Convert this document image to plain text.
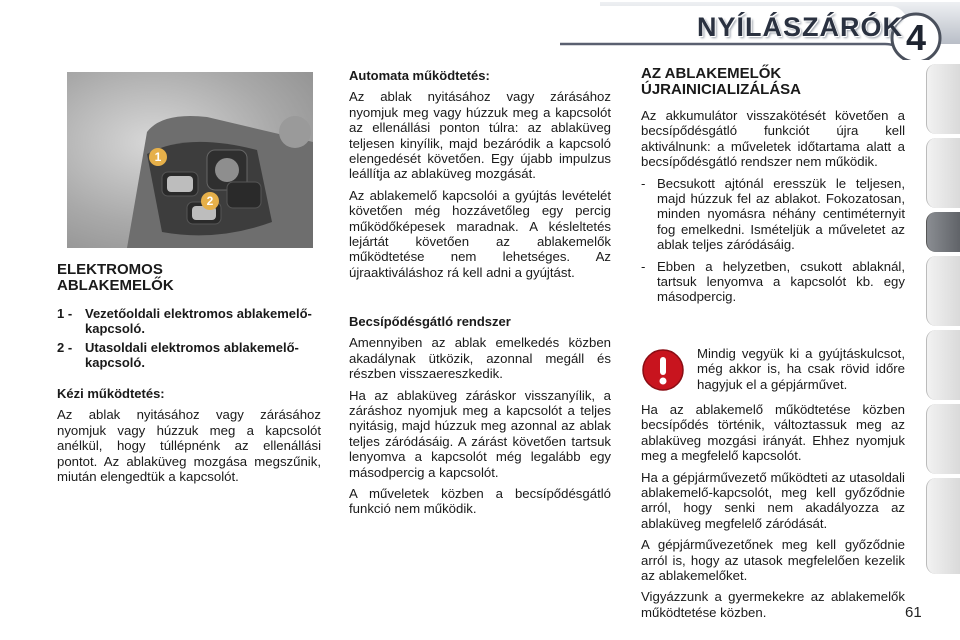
NYÍLÁSZÁRÓK 4
1
2
ELEKTROMOS
ABLAKEMELŐK
1 - Vezetőoldali elektromos ablakemelő-kapcsoló.
2 - Utasoldali elektromos ablakemelő-kapcsoló.
Kézi működtetés:

Az ablak nyitásához vagy zárásához nyomjuk vagy húzzuk meg a kapcsolót anélkül, hogy túllépnénk az ellenállási pontot. Az ablaküveg mozgása megszűnik, miután elengedtük a kapcsolót.

Automata működtetés:

Az ablak nyitásához vagy zárásához nyomjuk meg vagy húzzuk meg a kapcsolót az ellenállási ponton túlra: az ablaküveg teljesen kinyílik, majd bezáródik a kapcsoló elengedését követően. Egy újabb impulzus leállítja az ablaküveg mozgását.

Az ablakemelő kapcsolói a gyújtás levételét követően még hozzávetőleg egy percig működőképesek maradnak. A késleltetés lejártát követően az ablakemelők működtetése nem lehetséges. Az újraaktiváláshoz rá kell adni a gyújtást.

Becsípődésgátló rendszer

Amennyiben az ablak emelkedés közben akadálynak ütközik, azonnal megáll és részben visszaereszkedik.

Ha az ablaküveg záráskor visszanyílik, a záráshoz nyomjuk meg a kapcsolót a teljes nyitásig, majd húzzuk meg azonnal az ablak teljes záródásáig. A zárást követően tartsuk lenyomva a kapcsolót még legalább egy másodpercig a kapcsolót.

A műveletek közben a becsípődésgátló funkció nem működik.

AZ ABLAKEMELŐK
ÚJRAINICIALIZÁLÁSA

Az akkumulátor visszakötését követően a becsípődésgátló funkciót újra kell aktiválnunk: a műveletek időtartama alatt a becsípődésgátló rendszer nem működik.

- Becsukott ajtónál eresszük le teljesen, majd húzzuk fel az ablakot. Fokozatosan, minden nyomásra néhány centiméternyit fog emelkedni. Ismételjük a műveletet az ablak teljes záródásáig.
- Ebben a helyzetben, csukott ablaknál, tartsuk lenyomva a kapcsolót kb. egy másodpercig.

Mindig vegyük ki a gyújtáskulcsot, még akkor is, ha csak rövid időre hagyjuk el a gépjárművet.

Ha az ablakemelő működtetése közben becsípődés történik, változtassuk meg az ablaküveg mozgási irányát. Ehhez nyomjuk meg a megfelelő kapcsolót.

Ha a gépjárművezető működteti az utasoldali ablakemelő-kapcsolót, meg kell győződnie arról, hogy senki nem akadályozza az ablaküveg megfelelő záródását.

A gépjárművezetőnek meg kell győződnie arról is, hogy az utasok megfelelően kezelik az ablakemelőket.

Vigyázzunk a gyermekekre az ablakemelők működtetése közben.	61
